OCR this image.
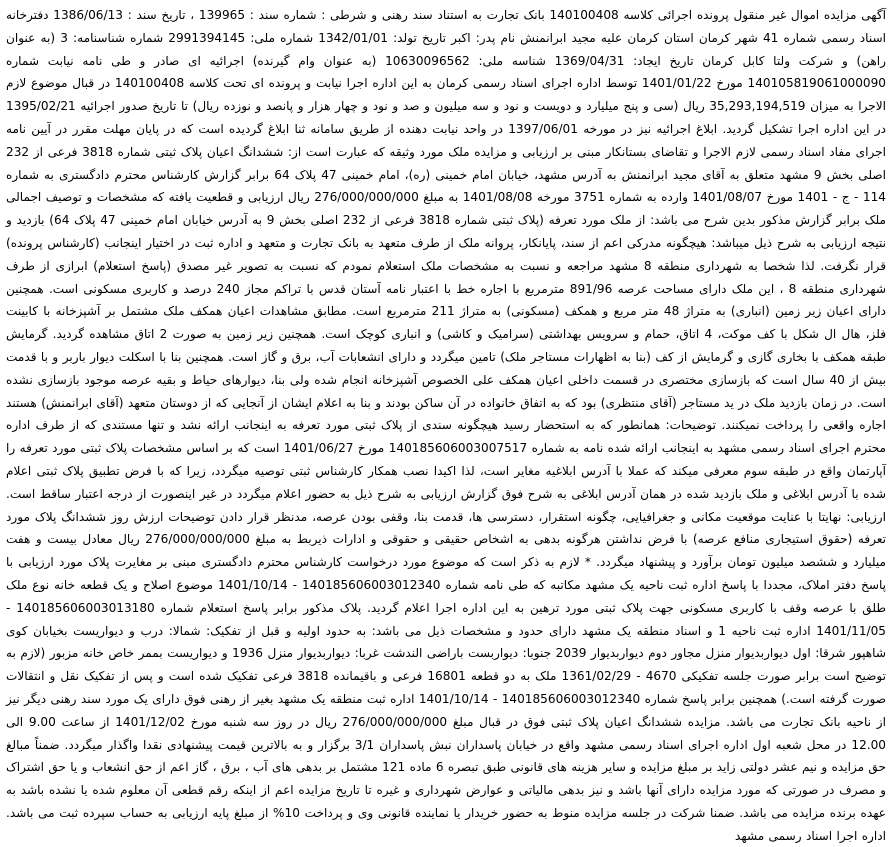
آگهی مزایده اموال غیر منقول پرونده اجرائی کلاسه 140100408 بانک تجارت به استناد سند رهنی و شرطی : شماره سند : 139965 ، تاریخ سند : 1386/06/13 دفترخانه اسناد رسمی شماره 41 شهر کرمان استان کرمان علیه مجید ابرانمنش نام پدر: اکبر تاریخ تولد: 1342/01/01 شماره ملی: 2991394145 شماره شناسنامه: 3 (به عنوان راهن) و شرکت ولتا کابل کرمان تاریخ ایجاد: 1369/04/31 شناسه ملی: 10630096562 (به عنوان وام گیرنده) اجرائیه ای صادر و طی نامه نیابت شماره 14010581906100009​0 مورخ 1401/01/22 توسط اداره اجرای اسناد رسمی کرمان به این اداره اجرا نیابت و پرونده ای تحت کلاسه 140100408 در قبال موضوع لازم الاجرا به میزان 35,293,194,519 ریال (سی و پنج میلیارد و دویست و نود و سه میلیون و صد و نود و چهار هزار و پانصد و نوزده ریال) تا تاریخ صدور اجرائیه 1395/02/21 در این اداره اجرا تشکیل گردید. ابلاغ اجرائیه نیز در مورخه 1397/06/01 در واحد نیابت دهنده از طریق سامانه ثنا ابلاغ گردیده است که در پایان مهلت مقرر در آیین نامه اجرای مفاد اسناد رسمی لازم الاجرا و تقاضای بستانکار مبنی بر ارزیابی و مزایده ملک مورد وثیقه که عبارت است از: ششدانگ اعیان پلاک ثبتی شماره 3818 فرعی از 232 اصلی بخش 9 مشهد متعلق به آقای مجید ابرانمنش به آدرس مشهد، خیابان امام خمینی (ره)، امام خمینی 47 پلاک 64 برابر گزارش کارشناس محترم دادگستری به شماره 114 - ج - 1401 مورخ 1401/08/07 وارده به شماره 3751 مورخه 1401/08/08 به مبلغ 276/000/000/000 ریال ارزیابی و قطعیت یافته که مشخصات و توصیف اجمالی ملک برابر گزارش مذکور بدین شرح می باشد: از ملک مورد تعرفه (پلاک ثبتی شماره 3818 فرعی از 232 اصلی بخش 9 به آدرس خیابان امام خمینی 47 پلاک 64) بازدید و نتیجه ارزیابی به شرح ذیل میباشد: هیچگونه مدرکی اعم از سند، پایانکار، پروانه ملک از طرف متعهد به بانک تجارت و متعهد و اداره ثبت در اختیار اینجانب (کارشناس پرونده) قرار نگرفت. لذا شخصا به شهرداری منطقه 8 مشهد مراجعه و نسبت به مشخصات ملک استعلام نمودم که نسبت به تصویر غیر مصدق (پاسخ استعلام) ابرازی از طرف شهرداری منطقه 8 ، این ملک دارای مساحت عرصه 891/96 مترمربع با اجاره خط با اعتبار نامه آستان قدس با تراکم مجاز 240 درصد و کاربری مسکونی است. همچنین دارای اعیان زیر زمین (انباری) به متراژ 48 متر مربع و همکف (مسکونی) به متراژ 211 مترمربع است. مطابق مشاهدات اعیان همکف ملک مشتمل بر آشپزخانه با کابینت فلز، هال ال شکل با کف موکت، 4 اتاق، حمام و سرویس بهداشتی (سرامیک و کاشی) و انباری کوچک است. همچنین زیر زمین به صورت 2 اتاق مشاهده گردید. گرمایش طبقه همکف با بخاری گازی و گرمایش از کف (بنا به اظهارات مستاجر ملک) تامین میگردد و دارای انشعابات آب، برق و گاز است. همچنین بنا با اسکلت دیوار باربر و با قدمت بیش از 40 سال است که بازسازی مختصری در قسمت داخلی اعیان همکف علی الخصوص آشپزخانه انجام شده ولی بنا، دیوارهای حیاط و بقیه عرصه موجود بازسازی نشده است. در زمان بازدید ملک در ید مستاجر (آقای منتظری) بود که به اتفاق خانواده در آن ساکن بودند و بنا به اعلام ایشان از آنجایی که از دوستان متعهد (آقای ابرانمنش) هستند اجاره واقعی را پرداخت نمیکنند. توضیحات: همانطور که به استحضار رسید هیچگونه سندی از پلاک ثبتی مورد تعرفه به اینجانب ارائه نشد و تنها مستندی که از طرف اداره محترم اجرای اسناد رسمی مشهد به اینجانب ارائه شده نامه به شماره 140185606003007517 مورخ 1401/06/27 است که بر اساس مشخصات پلاک ثبتی مورد تعرفه را آپارتمان واقع در طبقه سوم معرفی میکند که عملا با آدرس ابلاغیه مغایر است، لذا اکیدا نصب همکار کارشناس ثبتی توصیه میگردد، زیرا که با فرض تطبیق پلاک ثبتی اعلام شده با آدرس ابلاغی و ملک بازدید شده در همان آدرس ابلاغی به شرح فوق گزارش ارزیابی به شرح ذیل به حضور اعلام میگردد در غیر اینصورت از درجه اعتبار ساقط است. ارزیابی: نهایتا با عنایت موقعیت مکانی و جغرافیایی، چگونه استقرار، دسترسی ها، قدمت بنا، وقفی بودن عرصه، مدنظر قرار دادن توضیحات ارزش روز ششدانگ پلاک مورد تعرفه (حقوق استیجاری منافع عرصه) با فرض نداشتن هرگونه بدهی به اشخاص حقیقی و حقوقی و ادارات ذیربط به مبلغ 276/000/000/000 ریال معادل بیست و هفت میلیارد و ششصد میلیون تومان برآورد و پیشنهاد میگردد. * لازم به ذکر است که موضوع مورد درخواست کارشناس محترم دادگستری مبنی بر مغایرت پلاک مورد ارزیابی با پاسخ دفتر املاک، مجددا با پاسخ اداره ثبت ناحیه یک مشهد مکاتبه که طی نامه شماره 140185606003012340 - 1401/10/14 موضوع اصلاح و یک قطعه خانه نوع ملک طلق با عرصه وقف با کاربری مسکونی جهت پلاک ثبتی مورد ترهین به این اداره اجرا اعلام گردید. پلاک مذکور برابر پاسخ استعلام شماره 140185606003013180 - 1401/11/05 اداره ثبت ناحیه 1 و اسناد منطقه یک مشهد دارای حدود و مشخصات ذیل می باشد: به حدود اولیه و قبل از تفکیک: شمالا: درب و دیواریست بخیابان کوی شاهپور شرقا: اول دیواربدیوار منزل مجاور دوم دیواربدیوار 2039 جنوبا: دیواربست باراضی الندشت غربا: دیواربدیوار منزل 1936 و دیواریست بممر خاص خانه مزبور (لازم به توضیح است برابر صورت جلسه تفکیکی 4670 - 1361/02/29 ملک به دو قطعه 16801 فرعی و باقیمانده 3818 فرعی تفکیک شده است و پس از تفکیک نقل و انتقالات صورت گرفته است.) همچنین برابر پاسخ شماره 140185606003012340 - 1401/10/14 اداره ثبت منطقه یک مشهد بغیر از رهنی فوق دارای یک مورد سند رهنی دیگر نیز از ناحیه بانک تجارت می باشد. مزایده ششدانگ اعیان پلاک ثبتی فوق در قبال مبلغ 276/000/000/000 ریال در روز سه شنبه مورخ 1401/12/02 از ساعت 9.00 الی 12.00 در محل شعبه اول اداره اجرای اسناد رسمی مشهد واقع در خیابان پاسداران نبش پاسداران 3/1 برگزار و به بالاترین قیمت پیشنهادی نقدا واگذار میگردد. ضمناً مبالغ حق مزایده و نیم عشر دولتی زاید بر مبلغ مزایده و سایر هزینه های قانونی طبق تبصره 6 ماده 121 مشتمل بر بدهی های آب ، برق ، گاز اعم از حق انشعاب و یا حق اشتراک و مصرف در صورتی که مورد مزایده دارای آنها باشد و نیز بدهی مالیاتی و عوارض شهرداری و غیره تا تاریخ مزایده اعم از اینکه رقم قطعی آن معلوم شده یا نشده باشد به عهده برنده مزایده می باشد. ضمنا شرکت در جلسه مزایده منوط به حضور خریدار یا نماینده قانونی وی و پرداخت 10% از مبلغ پایه ارزیابی به حساب سپرده ثبت می باشد. اداره اجرا اسناد رسمی مشهد
